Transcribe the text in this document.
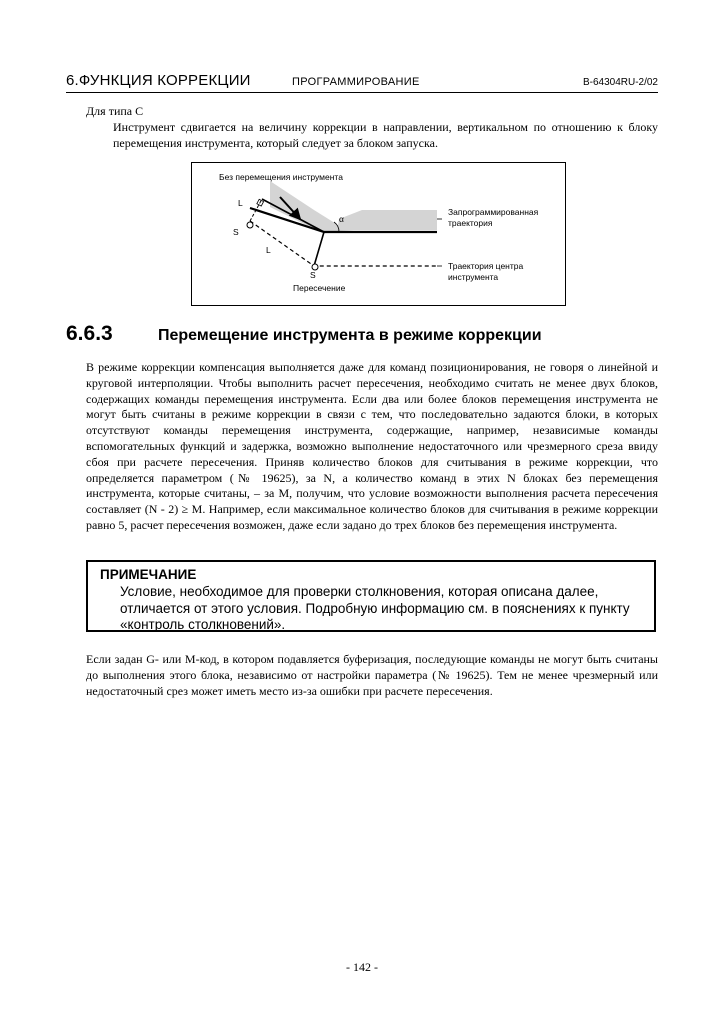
6.ФУНКЦИЯ КОРРЕКЦИИ	ПРОГРАММИРОВАНИЕ	B-64304RU-2/02
Для типа С

Инструмент сдвигается на величину коррекции в направлении, вертикальном по отношению к блоку перемещения инструмента, который следует за блоком запуска.

Без перемещения инструмента
L
S
L
α
S
Пересечение
Запрограммированная
траектория
Траектория центра
инструмента
6.6.3	Перемещение инструмента в режиме коррекции

В режиме коррекции компенсация выполняется даже для команд позиционирования, не говоря о линейной и круговой интерполяции. Чтобы выполнить расчет пересечения, необходимо считать не менее двух блоков, содержащих команды перемещения инструмента. Если два или более блоков перемещения инструмента не могут быть считаны в режиме коррекции в связи с тем, что последовательно задаются блоки, в которых отсутствуют команды перемещения инструмента, содержащие, например, независимые команды вспомогательных функций и задержка, возможно выполнение недостаточного или чрезмерного среза ввиду сбоя при расчете пересечения. Приняв количество блоков для считывания в режиме коррекции, что определяется параметром (№ 19625), за N, а количество команд в этих N блоках без перемещения инструмента, которые считаны, – за M, получим, что условие возможности выполнения расчета пересечения составляет (N - 2) ≥ M. Например, если максимальное количество блоков для считывания в режиме коррекции равно 5, расчет пересечения возможен, даже если задано до трех блоков без перемещения инструмента.

ПРИМЕЧАНИЕ

Условие, необходимое для проверки столкновения, которая описана далее, отличается от этого условия. Подробную информацию см. в пояснениях к пункту «контроль столкновений».

Если задан G- или M-код, в котором подавляется буферизация, последующие команды не могут быть считаны до выполнения этого блока, независимо от настройки параметра (№ 19625). Тем не менее чрезмерный или недостаточный срез может иметь место из-за ошибки при расчете пересечения.

- 142 -
